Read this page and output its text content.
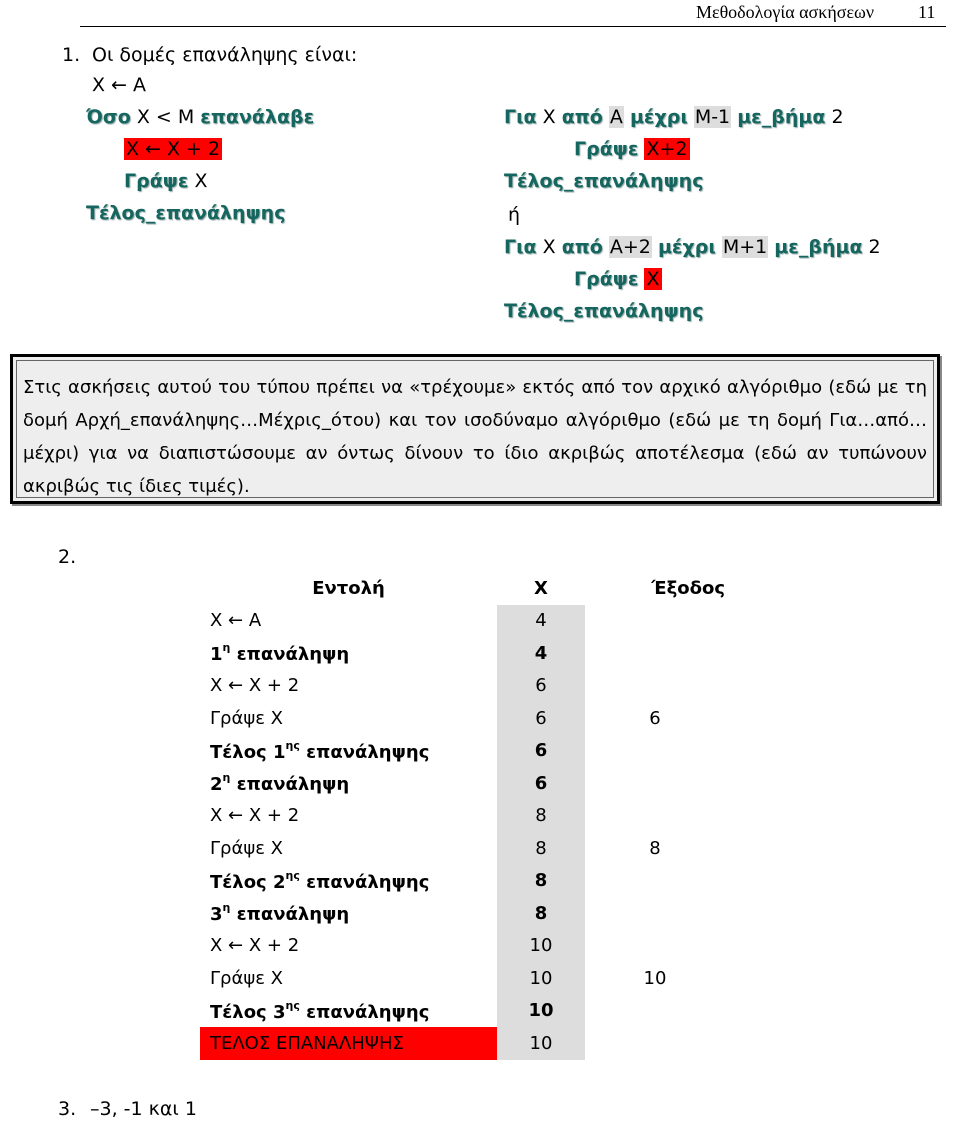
Μεθοδολογία ασκήσεων 11
1. Οι δομές επανάληψης είναι:
Χ ← Α
Όσο Χ < Μ επανάλαβε
Χ ← Χ + 2
Γράψε Χ
Τέλος_επανάληψης
Για Χ από Α μέχρι Μ-1 με_βήμα 2
Γράψε Χ+2
Τέλος_επανάληψης
ή
Για Χ από Α+2 μέχρι Μ+1 με_βήμα 2
Γράψε Χ
Τέλος_επανάληψης
Στις ασκήσεις αυτού του τύπου πρέπει να «τρέχουμε» εκτός από τον αρχικό αλγόριθμο (εδώ με τη δομή Αρχή_επανάληψης…Μέχρις_ότου) και τον ισοδύναμο αλγόριθμο (εδώ με τη δομή Για…από…μέχρι) για να διαπιστώσουμε αν όντως δίνουν το ίδιο ακριβώς αποτέλεσμα (εδώ αν τυπώνουν ακριβώς τις ίδιες τιμές).
2.
Εντολή	Χ	Έξοδος
Χ ← Α	4	
$1^\eta$ επανάληψη	4	
Χ ← Χ + 2	6	
Γράψε Χ	6	6
Τέλος $1^{\eta\varsigma}$ επανάληψης	6	
$2^\eta$ επανάληψη	6	
Χ ← Χ + 2	8	
Γράψε Χ	8	8
Τέλος $2^{\eta\varsigma}$ επανάληψης	8	
$3^\eta$ επανάληψη	8	
Χ ← Χ + 2	10	
Γράψε Χ	10	10
Τέλος $3^{\eta\varsigma}$ επανάληψης	10	
ΤΕΛΟΣ ΕΠΑΝΑΛΗΨΗΣ	10	
3. –3, -1 και 1
